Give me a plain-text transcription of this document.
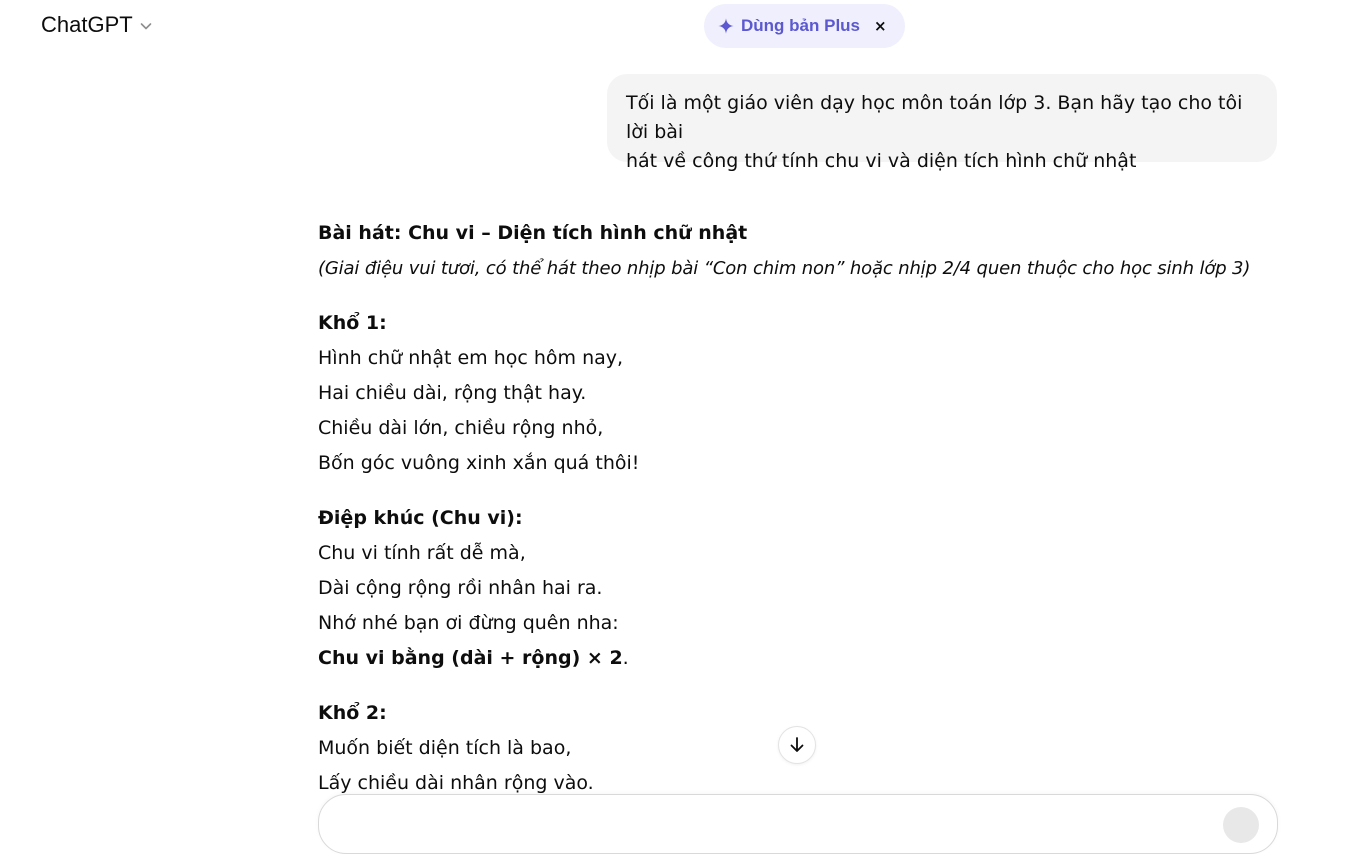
ChatGPT	Dùng bản Plus ×
Tối là một giáo viên dạy học môn toán lớp 3. Bạn hãy tạo cho tôi lời bài
hát về công thứ tính chu vi và diện tích hình chữ nhật

Bài hát: Chu vi – Diện tích hình chữ nhật

(Giai điệu vui tươi, có thể hát theo nhịp bài “Con chim non” hoặc nhịp 2/4 quen thuộc cho học sinh lớp 3)

Khổ 1:

Hình chữ nhật em học hôm nay,

Hai chiều dài, rộng thật hay.

Chiều dài lớn, chiều rộng nhỏ,

Bốn góc vuông xinh xắn quá thôi!

Điệp khúc (Chu vi):

Chu vi tính rất dễ mà,

Dài cộng rộng rồi nhân hai ra.

Nhớ nhé bạn ơi đừng quên nha:

Chu vi bằng (dài + rộng) × 2.

Khổ 2:

Muốn biết diện tích là bao,

Lấy chiều dài nhân rộng vào.
